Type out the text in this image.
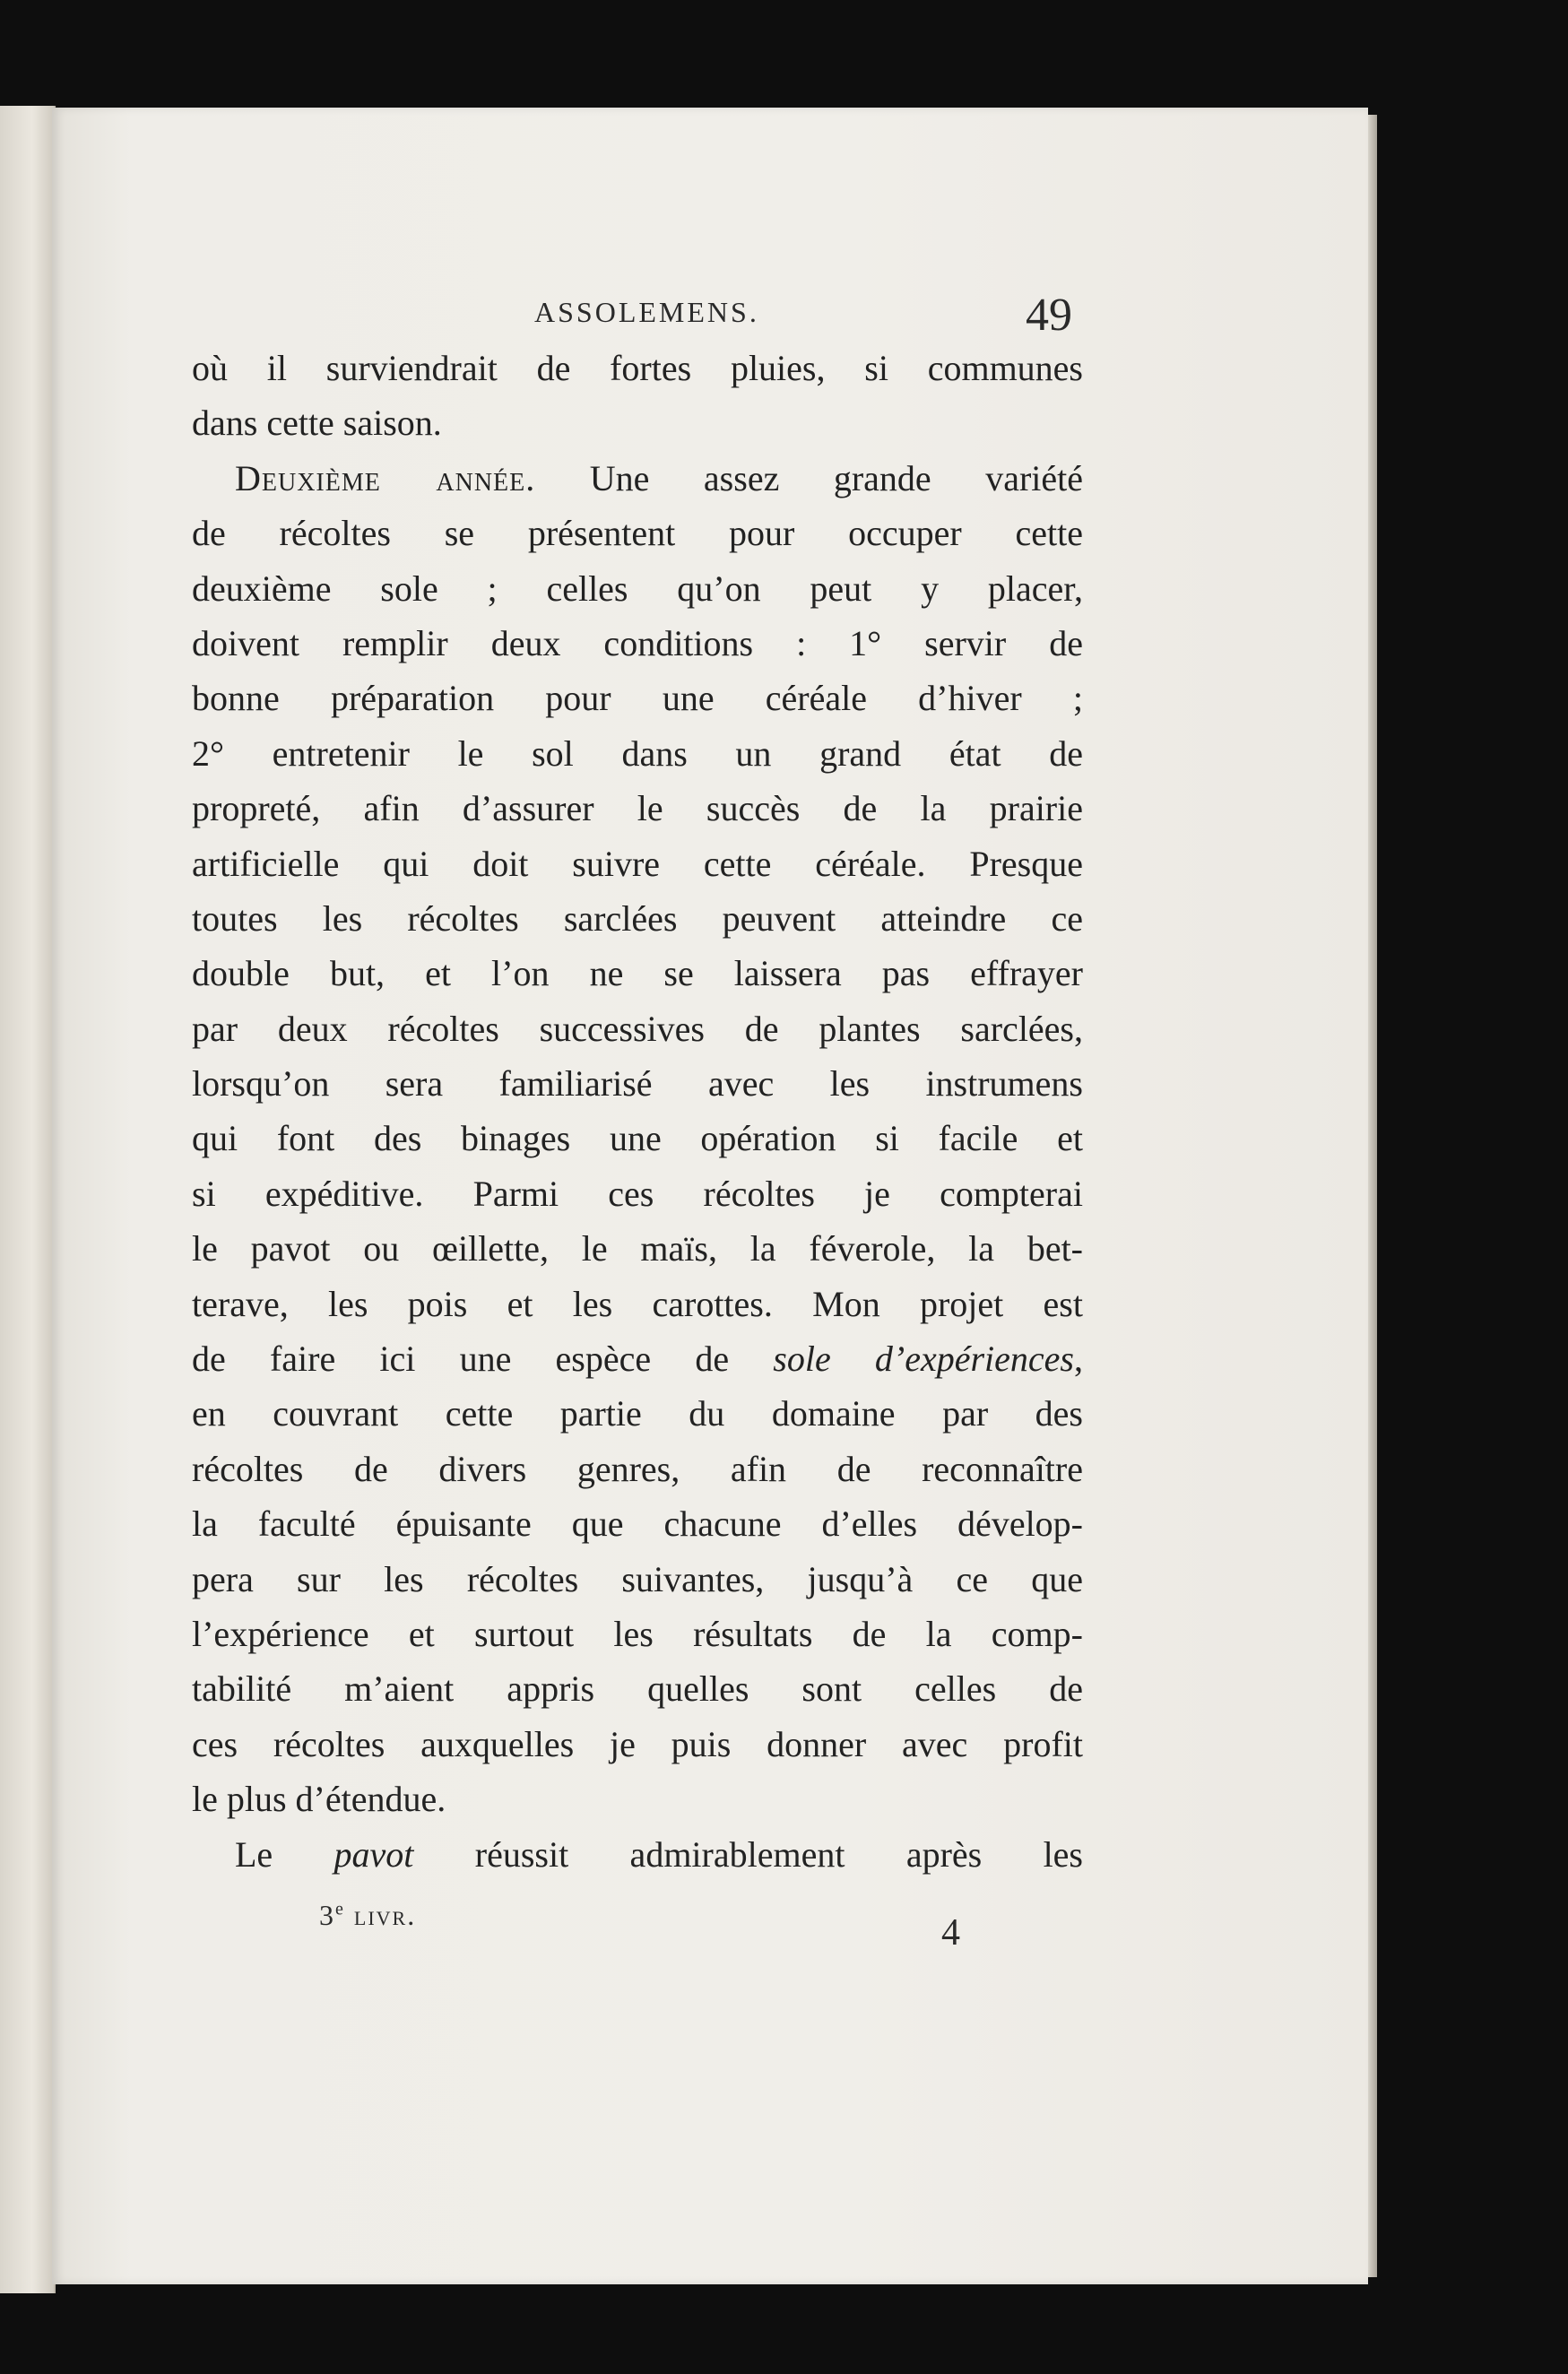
ASSOLEMENS.	49
où il surviendrait de fortes pluies, si communes
dans cette saison.
Deuxième année. Une assez grande variété
de récoltes se présentent pour occuper cette
deuxième sole ; celles qu’on peut y placer,
doivent remplir deux conditions : 1° servir de
bonne préparation pour une céréale d’hiver ;
2° entretenir le sol dans un grand état de
propreté, afin d’assurer le succès de la prairie
artificielle qui doit suivre cette céréale. Presque
toutes les récoltes sarclées peuvent atteindre ce
double but, et l’on ne se laissera pas effrayer
par deux récoltes successives de plantes sarclées,
lorsqu’on sera familiarisé avec les instrumens
qui font des binages une opération si facile et
si expéditive. Parmi ces récoltes je compterai
le pavot ou œillette, le maïs, la féverole, la bet-
terave, les pois et les carottes. Mon projet est
de faire ici une espèce de sole d’expériences,
en couvrant cette partie du domaine par des
récoltes de divers genres, afin de reconnaître
la faculté épuisante que chacune d’elles dévelop-
pera sur les récoltes suivantes, jusqu’à ce que
l’expérience et surtout les résultats de la comp-
tabilité m’aient appris quelles sont celles de
ces récoltes auxquelles je puis donner avec profit
le plus d’étendue.
Le pavot réussit admirablement après les
3e livr.	4
